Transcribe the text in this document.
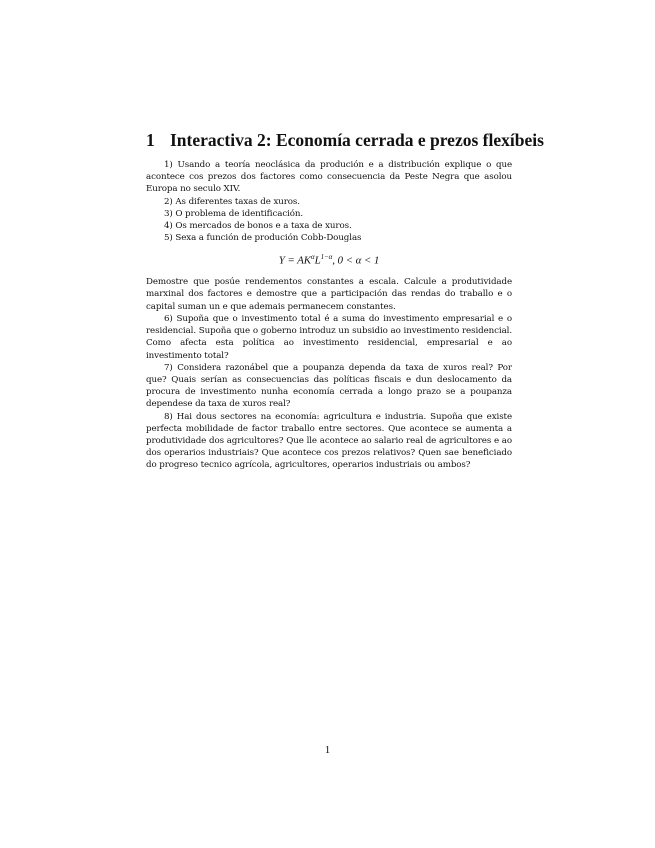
1 Interactiva 2: Economía cerrada e prezos flexíbeis

1) Usando a teoría neoclásica da produción e a distribución explique o que acontece cos prezos dos factores como consecuencia da Peste Negra que asolou Europa no seculo XIV.

2) As diferentes taxas de xuros.

3) O problema de identificación.

4) Os mercados de bonos e a taxa de xuros.

5) Sexa a función de produción Cobb-Douglas

$Y = AK^\alpha L^{1-\alpha}$, 0 < α < 1

Demostre que posúe rendementos constantes a escala. Calcule a produtividade marxinal dos factores e demostre que a participación das rendas do traballo e o capital suman un e que ademais permanecem constantes.

6) Supoña que o investimento total é a suma do investimento empresarial e o residencial. Supoña que o goberno introduz un subsidio ao investimento residencial. Como afecta esta política ao investimento residencial, empresarial e ao investimento total?

7) Considera razonábel que a poupanza dependa da taxa de xuros real? Por que? Quais serían as consecuencias das políticas fiscais e dun deslocamento da procura de investimento nunha economía cerrada a longo prazo se a poupanza dependese da taxa de xuros real?

8) Hai dous sectores na economía: agricultura e industria. Supoña que existe perfecta mobilidade de factor traballo entre sectores. Que acontece se aumenta a produtividade dos agricultores? Que lle acontece ao salario real de agricultores e ao dos operarios industriais? Que acontece cos prezos relativos? Quen sae beneficiado do progreso tecnico agrícola, agricultores, operarios industriais ou ambos?

1
